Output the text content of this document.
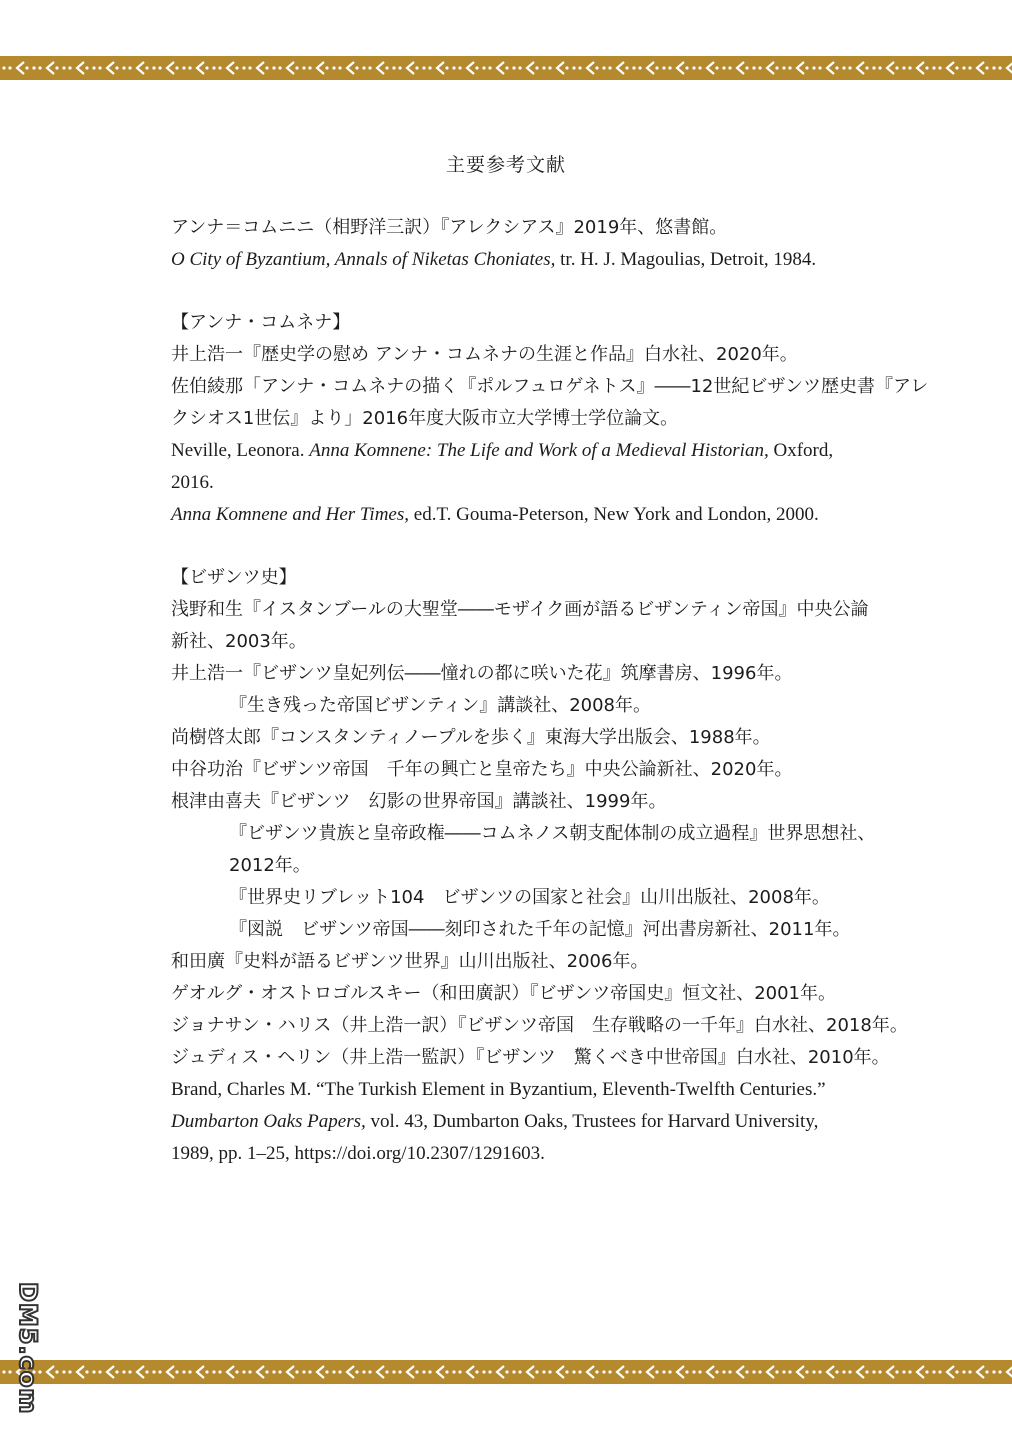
主要参考文献
アンナ＝コムニニ（相野洋三訳）『アレクシアス』2019年、悠書館。
O City of Byzantium, Annals of Niketas Choniates, tr. H. J. Magoulias, Detroit, 1984.
【アンナ・コムネナ】
井上浩一『歴史学の慰め アンナ・コムネナの生涯と作品』白水社、2020年。
佐伯綾那「アンナ・コムネナの描く『ポルフュロゲネトス』――12世紀ビザンツ歴史書『アレ
クシオス1世伝』より」2016年度大阪市立大学博士学位論文。
Neville, Leonora. Anna Komnene: The Life and Work of a Medieval Historian, Oxford,
2016.
Anna Komnene and Her Times, ed.T. Gouma-Peterson, New York and London, 2000.
【ビザンツ史】
浅野和生『イスタンブールの大聖堂――モザイク画が語るビザンティン帝国』中央公論
新社、2003年。
井上浩一『ビザンツ皇妃列伝――憧れの都に咲いた花』筑摩書房、1996年。
『生き残った帝国ビザンティン』講談社、2008年。
尚樹啓太郎『コンスタンティノープルを歩く』東海大学出版会、1988年。
中谷功治『ビザンツ帝国　千年の興亡と皇帝たち』中央公論新社、2020年。
根津由喜夫『ビザンツ　幻影の世界帝国』講談社、1999年。
『ビザンツ貴族と皇帝政権――コムネノス朝支配体制の成立過程』世界思想社、
2012年。
『世界史リブレット104　ビザンツの国家と社会』山川出版社、2008年。
『図説　ビザンツ帝国――刻印された千年の記憶』河出書房新社、2011年。
和田廣『史料が語るビザンツ世界』山川出版社、2006年。
ゲオルグ・オストロゴルスキー（和田廣訳）『ビザンツ帝国史』恒文社、2001年。
ジョナサン・ハリス（井上浩一訳）『ビザンツ帝国　生存戦略の一千年』白水社、2018年。
ジュディス・ヘリン（井上浩一監訳）『ビザンツ　驚くべき中世帝国』白水社、2010年。
Brand, Charles M. “The Turkish Element in Byzantium, Eleventh-Twelfth Centuries.”
Dumbarton Oaks Papers, vol. 43, Dumbarton Oaks, Trustees for Harvard University,
1989, pp. 1–25, https://doi.org/10.2307/1291603.
DM5.com
